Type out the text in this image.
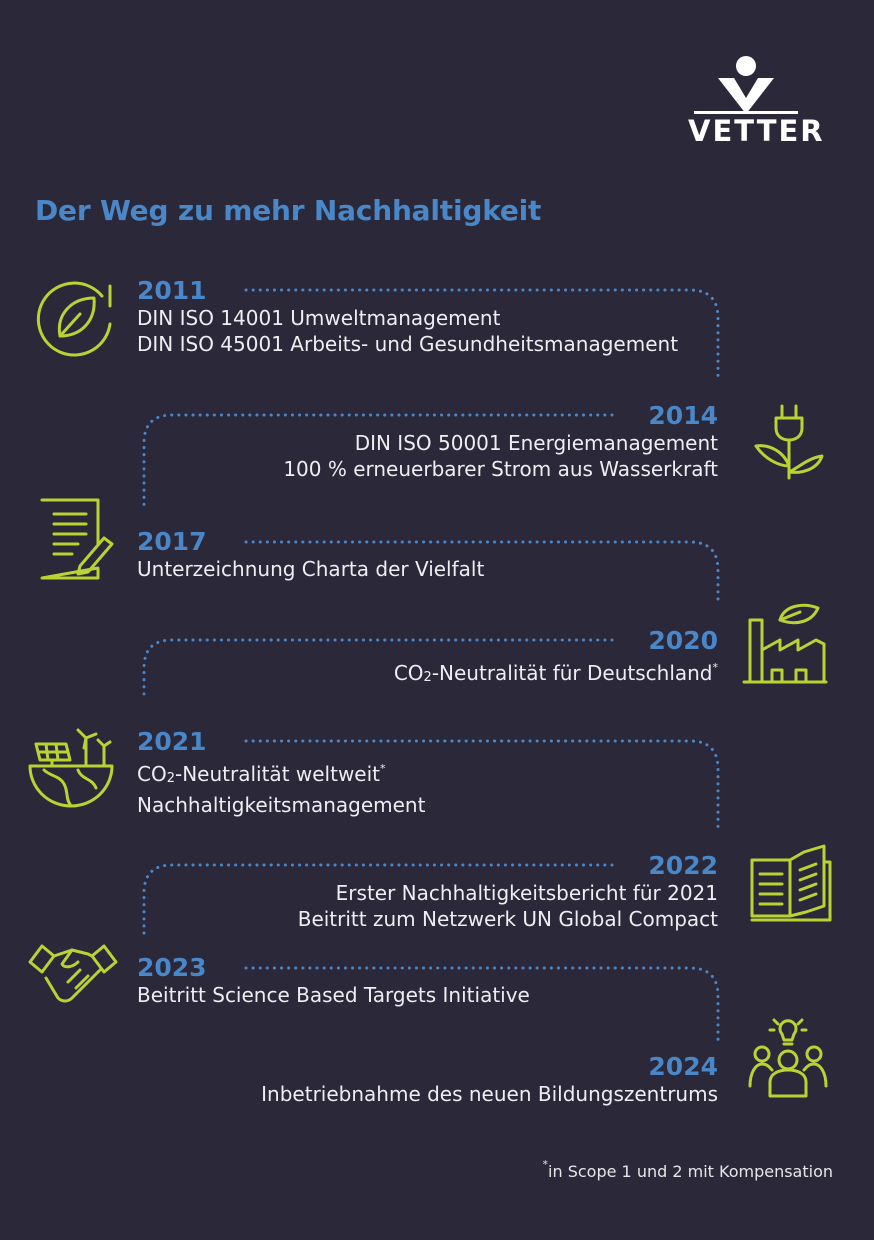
VETTER
Der Weg zu mehr Nachhaltigkeit
2011
DIN ISO 14001 Umweltmanagement
DIN ISO 45001 Arbeits- und Gesundheitsmanagement
2014
DIN ISO 50001 Energiemanagement
100 % erneuerbarer Strom aus Wasserkraft
2017
Unterzeichnung Charta der Vielfalt
2020
CO2-Neutralität für Deutschland*
2021
CO2-Neutralität weltweit*
Nachhaltigkeitsmanagement
2022
Erster Nachhaltigkeitsbericht für 2021
Beitritt zum Netzwerk UN Global Compact
2023
Beitritt Science Based Targets Initiative
2024
Inbetriebnahme des neuen Bildungszentrums
*in Scope 1 und 2 mit Kompensation
